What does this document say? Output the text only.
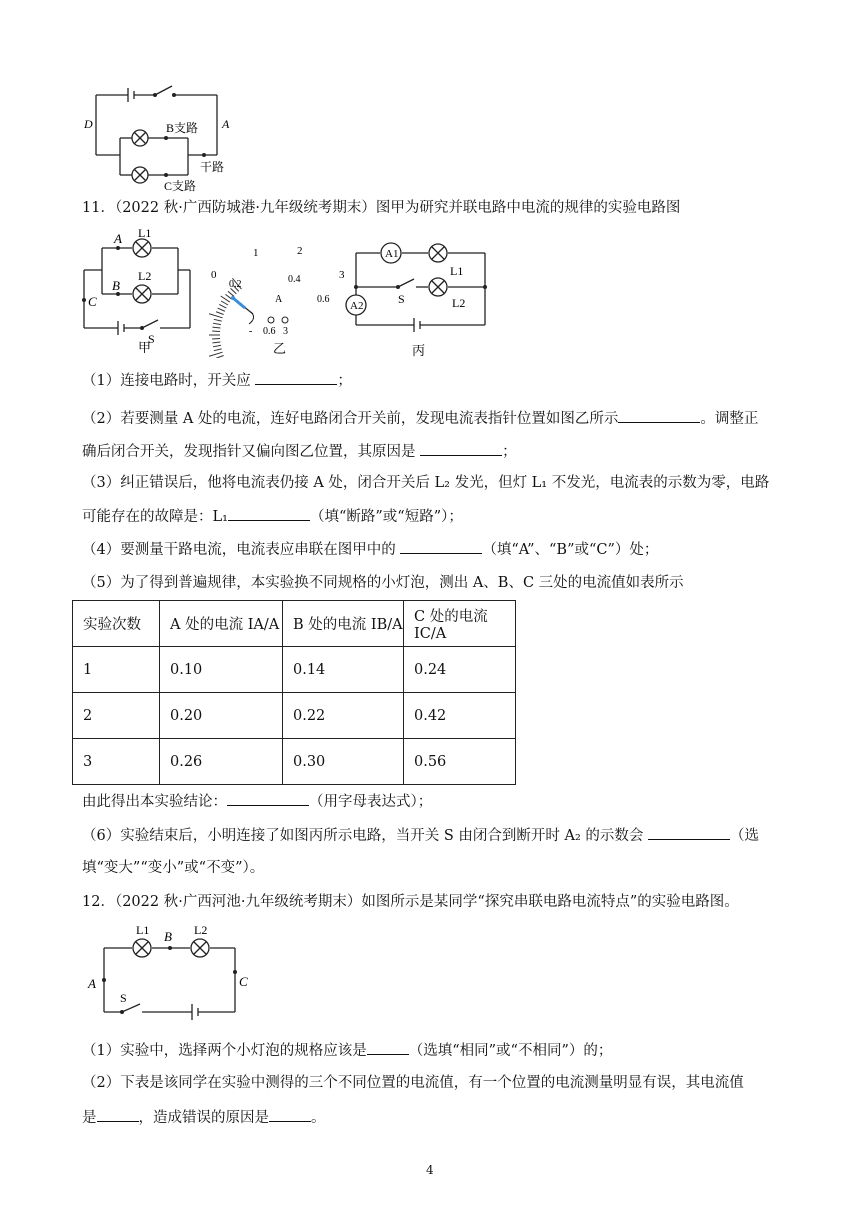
D	A
B支路
C支路
干路
11．（2022 秋·广西防城港·九年级统考期末）图甲为研究并联电路中电流的规律的实验电路图
A
B
C
L1
L2
S
甲
0
1	2
3
0.2	0.4
0.6
A
- 0.6 3
乙
A1
A2
L1
L2
S
丙
（1）连接电路时，开关应	；
（2）若要测量 A 处的电流，连好电路闭合开关前，发现电流表指针位置如图乙所示	。调整正
确后闭合开关，发现指针又偏向图乙位置，其原因是	；
（3）纠正错误后，他将电流表仍接 A 处，闭合开关后 L₂ 发光，但灯 L₁ 不发光，电流表的示数为零，电路
可能存在的故障是：L₁	（填“断路”或“短路”）；
（4）要测量干路电流，电流表应串联在图甲中的	（填“A”、“B”或“C”）处；
（5）为了得到普遍规律，本实验换不同规格的小灯泡，测出 A、B、C 三处的电流值如表所示
实验次数	A 处的电流 IA/A	B 处的电流 IB/A	C 处的电流 IC/A
1	0.10	0.14	0.24
2	0.20	0.22	0.42
3	0.26	0.30	0.56
由此得出本实验结论：	（用字母表达式）；
（6）实验结束后，小明连接了如图丙所示电路，当开关 S 由闭合到断开时 A₂ 的示数会	（选
填“变大”“变小”或“不变”）。
12．（2022 秋·广西河池·九年级统考期末）如图所示是某同学“探究串联电路电流特点”的实验电路图。
L1	L2
B
A	C
S
（1）实验中，选择两个小灯泡的规格应该是	（选填“相同”或“不相同”）的；
（2）下表是该同学在实验中测得的三个不同位置的电流值，有一个位置的电流测量明显有误，其电流值
是	，造成错误的原因是	。
4
